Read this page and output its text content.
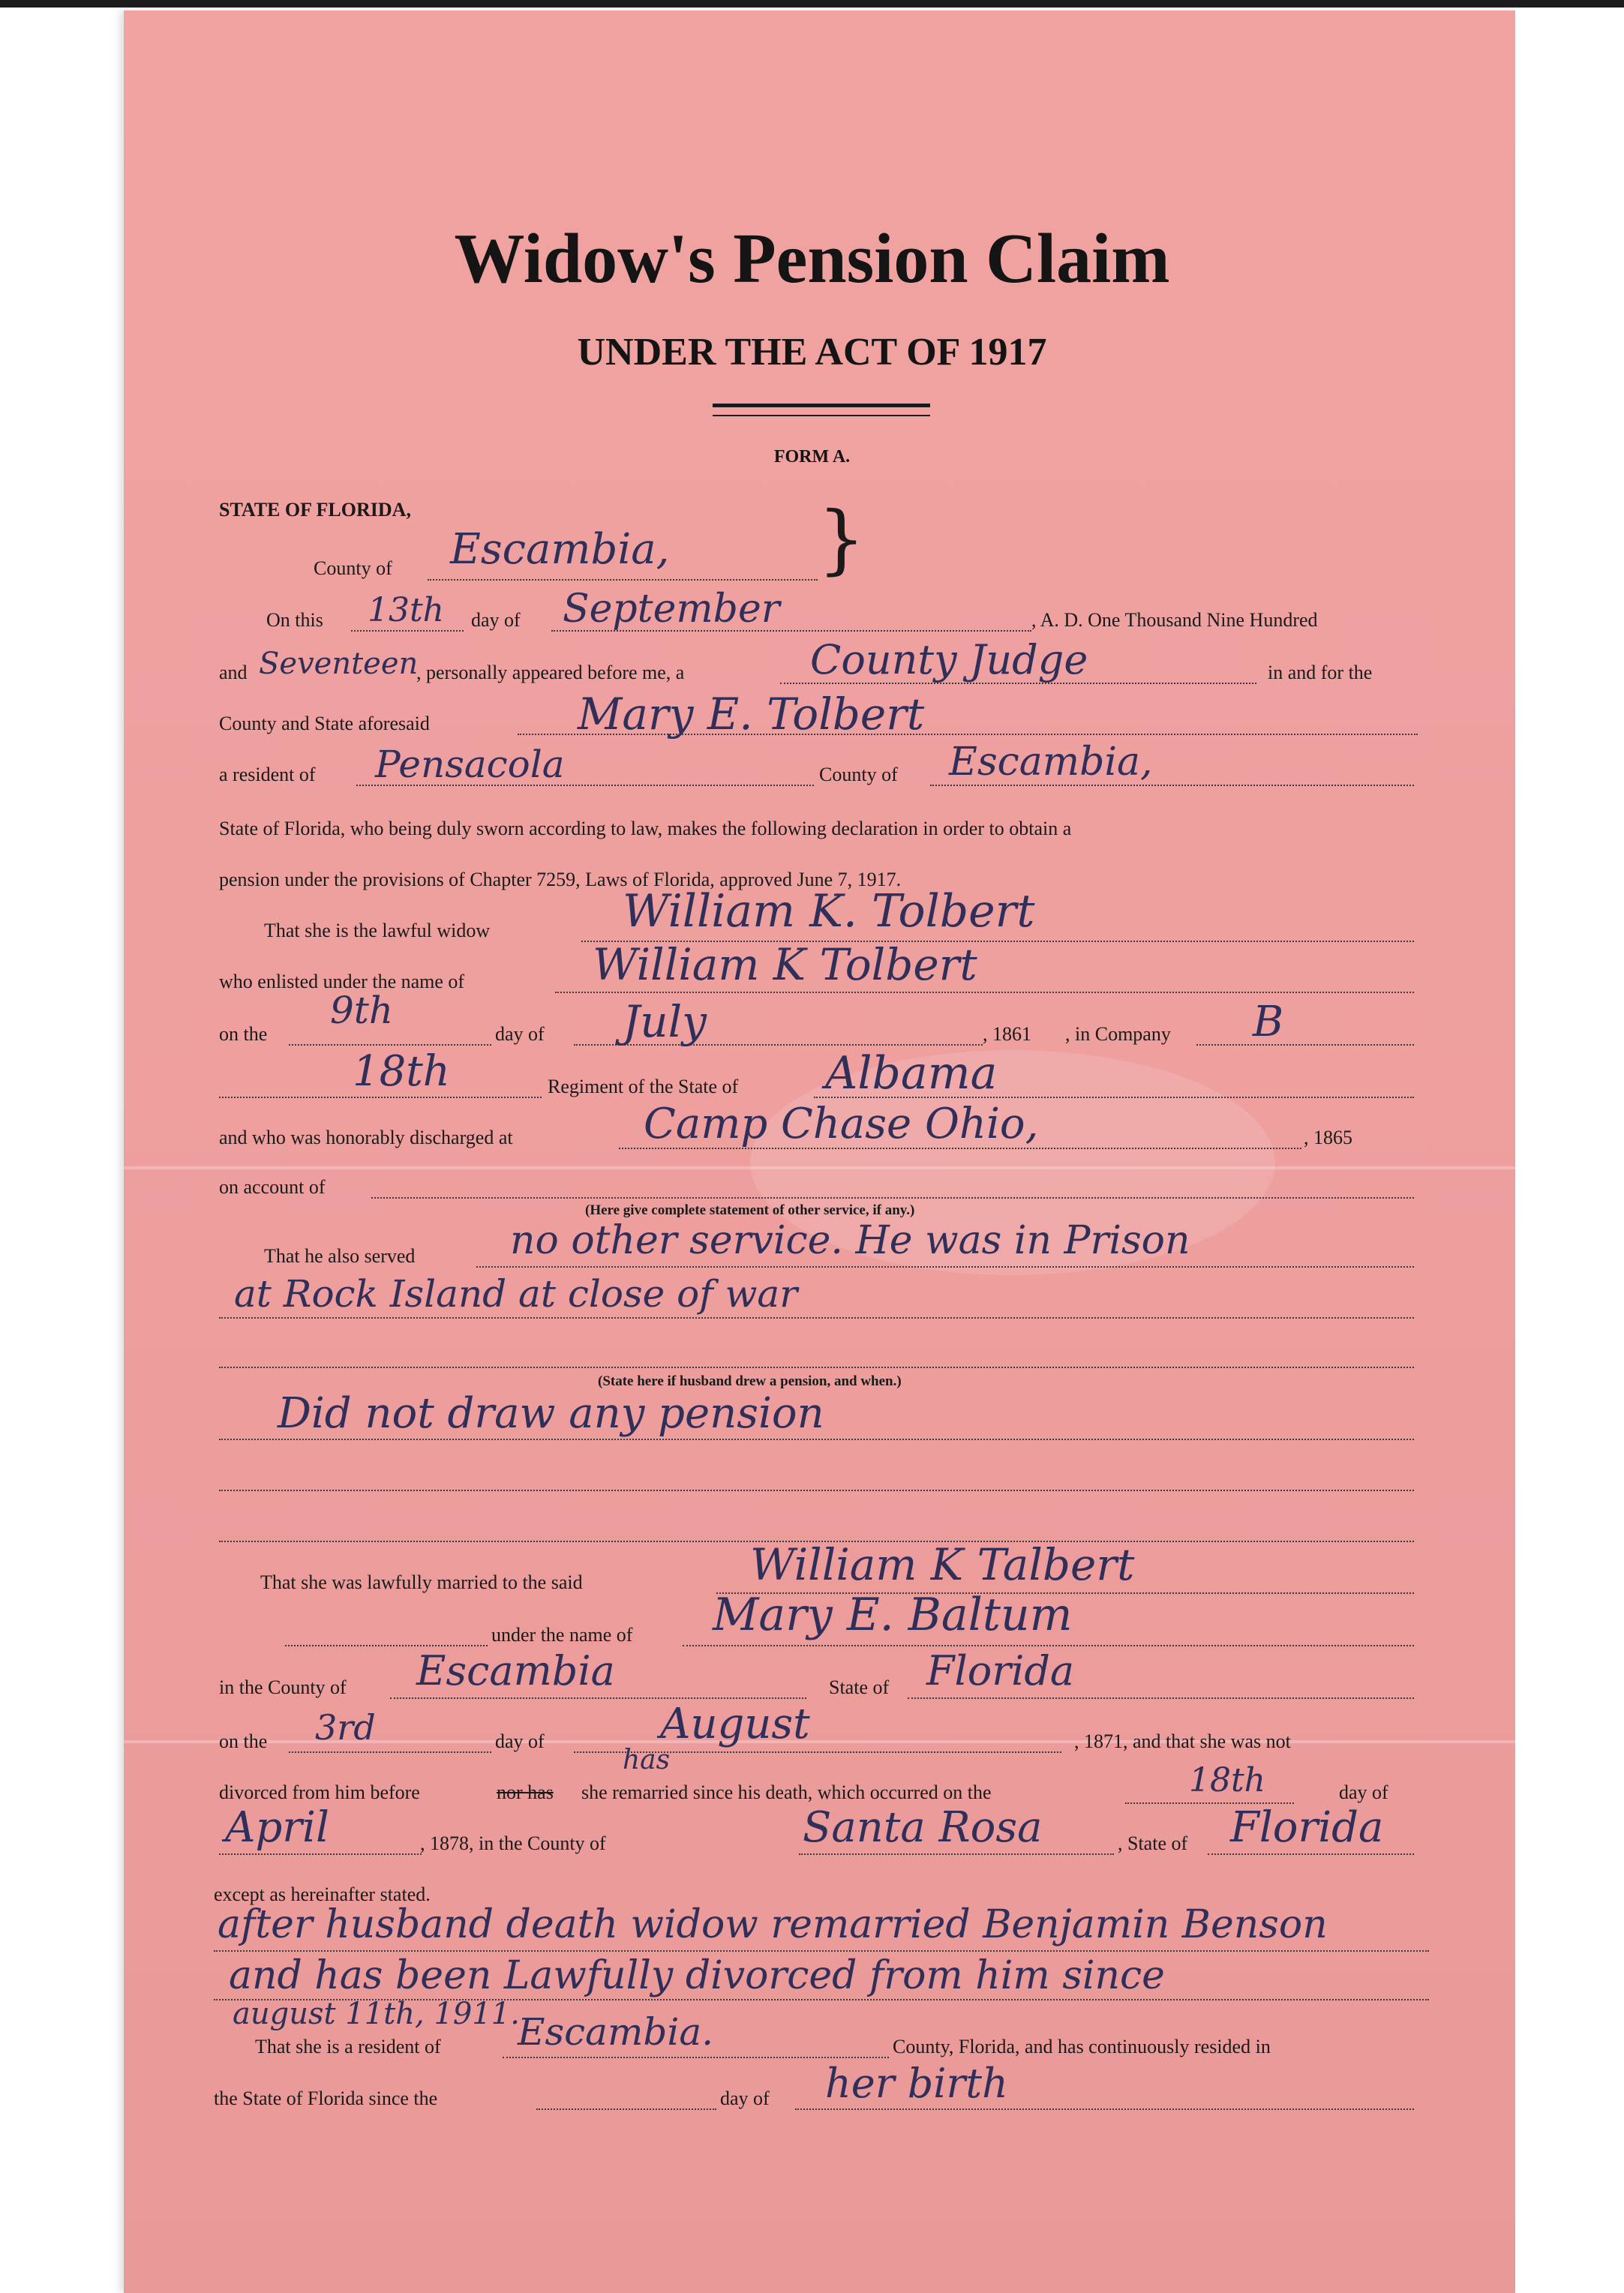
Widow's Pension Claim
UNDER THE ACT OF 1917
FORM A.
STATE OF FLORIDA,
County of Escambia, }
On this 13th day of September	, A. D. One Thousand Nine Hundred
and Seventeen
, personally appeared before me, a	County Judge	in and for the
County and State aforesaid	Mary E. Tolbert
a resident of Pensacola	County of Escambia,
State of Florida, who being duly sworn according to law, makes the following declaration in order to obtain a
pension under the provisions of Chapter 7259, Laws of Florida, approved June 7, 1917.
That she is the lawful widow	William K. Tolbert
who enlisted under the name of	William K Tolbert
on the
9th
day of July	, 1861 , in Company B
18th	Regiment of the State of Albama
and who was honorably discharged at	Camp Chase Ohio,	, 1865
on account of
(Here give complete statement of other service, if any.)
That he also served no other service. He was in Prison
at Rock Island at close of war
(State here if husband drew a pension, and when.)
Did not draw any pension
That she was lawfully married to the said	William K Talbert
under the name of Mary E. Baltum
in the County of Escambia	State of Florida
on the 3rd	day of	August	, 1871, and that she was not
has
divorced from him before	nor has she remarried since his death, which occurred on the	18th	day of
April	, 1878, in the County of	Santa Rosa	, State of Florida
except as hereinafter stated.
after husband death widow remarried Benjamin Benson
and has been Lawfully divorced from him since
august 11th, 1911.
That she is a resident of Escambia.	County, Florida, and has continuously resided in
the State of Florida since the	day of her birth
